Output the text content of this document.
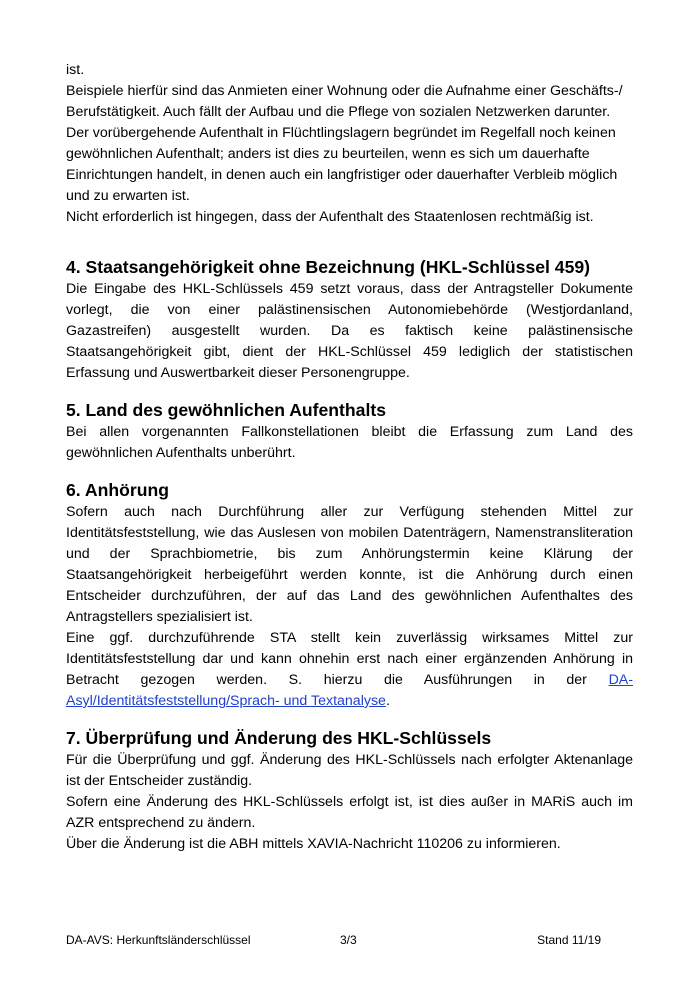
ist.

Beispiele hierfür sind das Anmieten einer Wohnung oder die Aufnahme einer Geschäfts-/ Berufstätigkeit. Auch fällt der Aufbau und die Pflege von sozialen Netzwerken darunter.

Der vorübergehende Aufenthalt in Flüchtlingslagern begründet im Regelfall noch keinen gewöhnlichen Aufenthalt; anders ist dies zu beurteilen, wenn es sich um dauerhafte Einrichtungen handelt, in denen auch ein langfristiger oder dauerhafter Verbleib möglich und zu erwarten ist.

Nicht erforderlich ist hingegen, dass der Aufenthalt des Staatenlosen rechtmäßig ist.

4. Staatsangehörigkeit ohne Bezeichnung (HKL-Schlüssel 459)

Die Eingabe des HKL-Schlüssels 459 setzt voraus, dass der Antragsteller Dokumente vorlegt, die von einer palästinensischen Autonomiebehörde (Westjordanland, Gazastreifen) ausgestellt wurden. Da es faktisch keine palästinensische Staatsangehörigkeit gibt, dient der HKL-Schlüssel 459 lediglich der statistischen Erfassung und Auswertbarkeit dieser Personengruppe.

5. Land des gewöhnlichen Aufenthalts

Bei allen vorgenannten Fallkonstellationen bleibt die Erfassung zum Land des gewöhnlichen Aufenthalts unberührt.

6. Anhörung

Sofern auch nach Durchführung aller zur Verfügung stehenden Mittel zur Identitätsfeststellung, wie das Auslesen von mobilen Datenträgern, Namenstransliteration und der Sprachbiometrie, bis zum Anhörungstermin keine Klärung der Staatsangehörigkeit herbeigeführt werden konnte, ist die Anhörung durch einen Entscheider durchzuführen, der auf das Land des gewöhnlichen Aufenthaltes des Antragstellers spezialisiert ist.

Eine ggf. durchzuführende STA stellt kein zuverlässig wirksames Mittel zur Identitätsfeststellung dar und kann ohnehin erst nach einer ergänzenden Anhörung in Betracht gezogen werden. S. hierzu die Ausführungen in der DA-Asyl/Identitätsfeststellung/Sprach- und Textanalyse.

7. Überprüfung und Änderung des HKL-Schlüssels

Für die Überprüfung und ggf. Änderung des HKL-Schlüssels nach erfolgter Aktenanlage ist der Entscheider zuständig.

Sofern eine Änderung des HKL-Schlüssels erfolgt ist, ist dies außer in MARiS auch im AZR entsprechend zu ändern.

Über die Änderung ist die ABH mittels XAVIA-Nachricht 110206 zu informieren.

DA-AVS: Herkunftsländerschlüssel	3/3	Stand 11/19
